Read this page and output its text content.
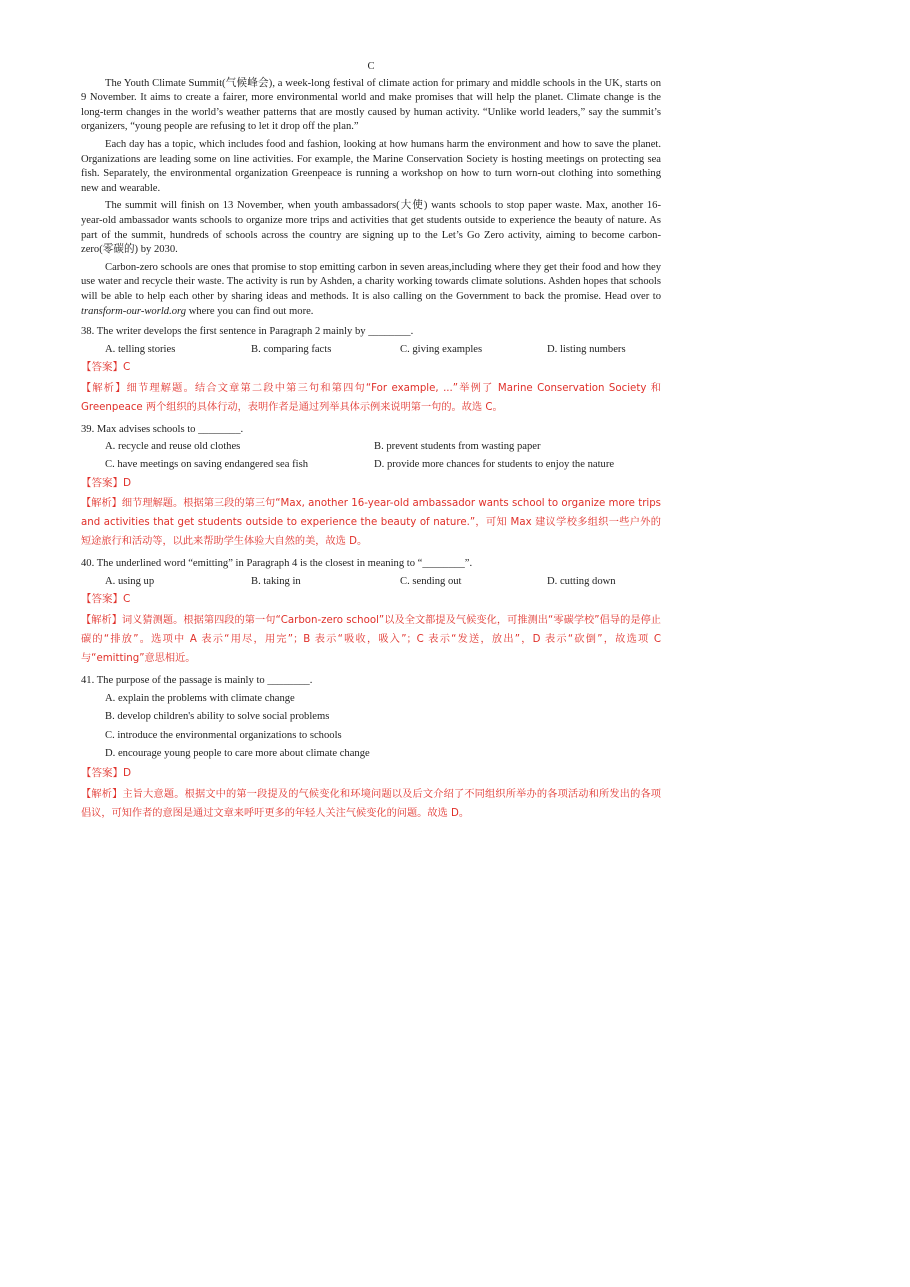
C

The Youth Climate Summit(气候峰会), a week-long festival of climate action for primary and middle schools in the UK, starts on 9 November. It aims to create a fairer, more environmental world and make promises that will help the planet. Climate change is the long-term changes in the world’s weather patterns that are mostly caused by human activity. “Unlike world leaders,” say the summit’s organizers, “young people are refusing to let it drop off the plan.”

Each day has a topic, which includes food and fashion, looking at how humans harm the environment and how to save the planet. Organizations are leading some on line activities. For example, the Marine Conservation Society is hosting meetings on protecting sea fish. Separately, the environmental organization Greenpeace is running a workshop on how to turn worn-out clothing into something new and wearable.

The summit will finish on 13 November, when youth ambassadors(大使) wants schools to stop paper waste. Max, another 16-year-old ambassador wants schools to organize more trips and activities that get students outside to experience the beauty of nature. As part of the summit, hundreds of schools across the country are signing up to the Let’s Go Zero activity, aiming to become carbon-zero(零碳的) by 2030.

Carbon-zero schools are ones that promise to stop emitting carbon in seven areas,including where they get their food and how they use water and recycle their waste. The activity is run by Ashden, a charity working towards climate solutions. Ashden hopes that schools will be able to help each other by sharing ideas and methods. It is also calling on the Government to back the promise. Head over to transform-our-world.org where you can find out more.

38. The writer develops the first sentence in Paragraph 2 mainly by ________.
A. telling stories	B. comparing facts	C. giving examples	D. listing numbers
【答案】C
【解析】细节理解题。结合文章第二段中第三句和第四句“For example, ...”举例了 Marine Conservation Society 和 Greenpeace 两个组织的具体行动，表明作者是通过列举具体示例来说明第一句的。故选 C。
39. Max advises schools to ________.
A. recycle and reuse old clothes	B. prevent students from wasting paper
C. have meetings on saving endangered sea fish	D. provide more chances for students to enjoy the nature
【答案】D
【解析】细节理解题。根据第三段的第三句“Max, another 16-year-old ambassador wants school to organize more trips and activities that get students outside to experience the beauty of nature.”，可知 Max 建议学校多组织一些户外的短途旅行和活动等，以此来帮助学生体验大自然的美，故选 D。
40. The underlined word “emitting” in Paragraph 4 is the closest in meaning to “________”.
A. using up	B. taking in	C. sending out	D. cutting down
【答案】C
【解析】词义猜测题。根据第四段的第一句“Carbon-zero school”以及全文都提及气候变化，可推测出“零碳学校”倡导的是停止碳的“排放”。选项中 A 表示“用尽，用完”；B 表示“吸收，吸入”；C 表示“发送，放出”，D 表示“砍倒”，故选项 C 与“emitting”意思相近。
41. The purpose of the passage is mainly to ________.
A. explain the problems with climate change
B. develop children's ability to solve social problems
C. introduce the environmental organizations to schools
D. encourage young people to care more about climate change
【答案】D
【解析】主旨大意题。根据文中的第一段提及的气候变化和环境问题以及后文介绍了不同组织所举办的各项活动和所发出的各项倡议，可知作者的意图是通过文章来呼吁更多的年轻人关注气候变化的问题。故选 D。
